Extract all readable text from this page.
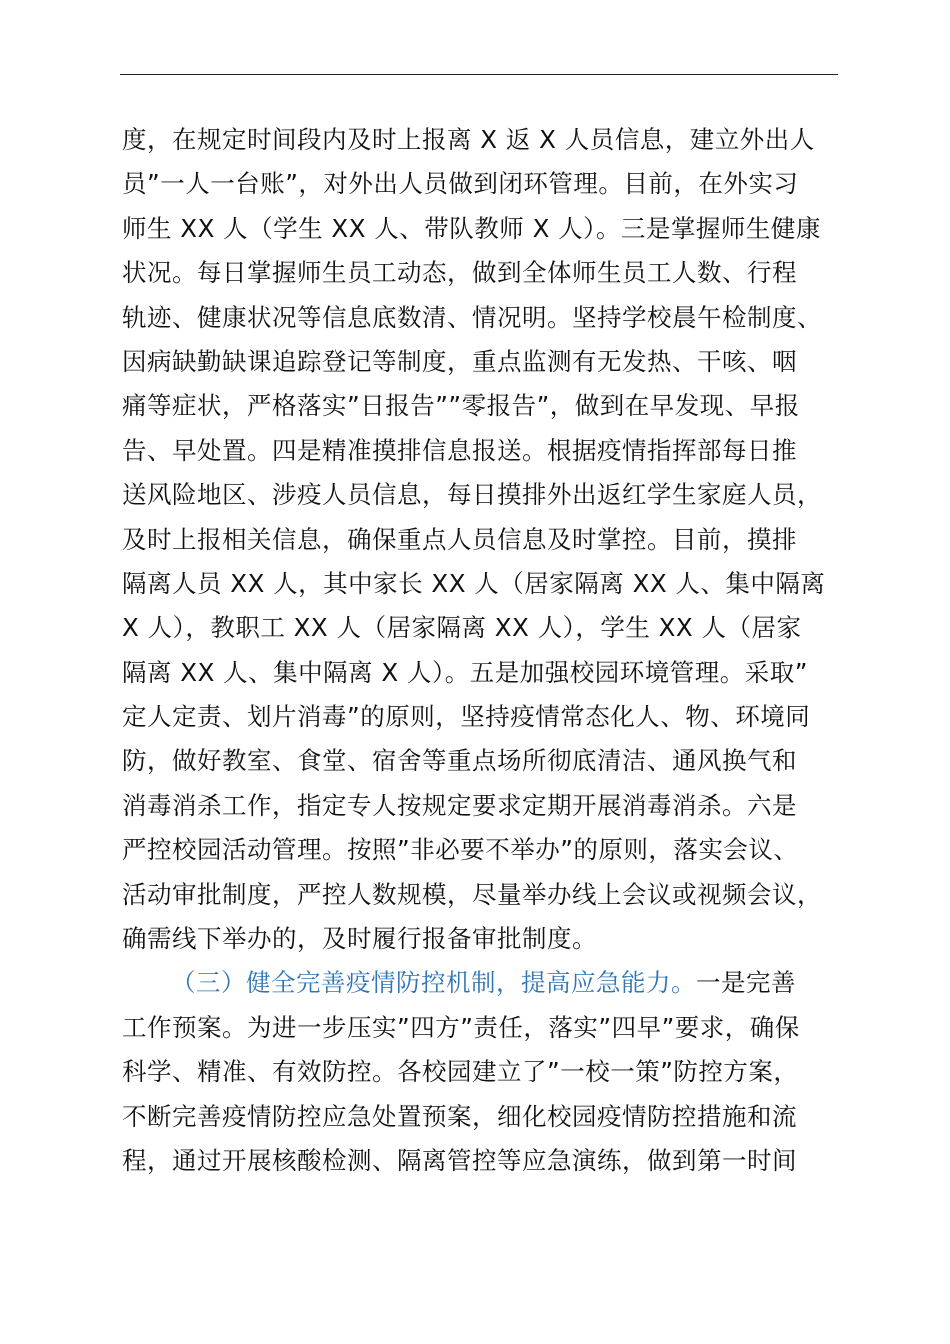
度，在规定时间段内及时上报离 X 返 X 人员信息，建立外出人
员”一人一台账”，对外出人员做到闭环管理。目前，在外实习
师生 XX 人（学生 XX 人、带队教师 X 人）。三是掌握师生健康
状况。每日掌握师生员工动态，做到全体师生员工人数、行程
轨迹、健康状况等信息底数清、情况明。坚持学校晨午检制度、
因病缺勤缺课追踪登记等制度，重点监测有无发热、干咳、咽
痛等症状，严格落实”日报告””零报告”，做到在早发现、早报
告、早处置。四是精准摸排信息报送。根据疫情指挥部每日推
送风险地区、涉疫人员信息，每日摸排外出返红学生家庭人员，
及时上报相关信息，确保重点人员信息及时掌控。目前，摸排
隔离人员 XX 人，其中家长 XX 人（居家隔离 XX 人、集中隔离
X 人），教职工 XX 人（居家隔离 XX 人），学生 XX 人（居家
隔离 XX 人、集中隔离 X 人）。五是加强校园环境管理。采取”
定人定责、划片消毒”的原则，坚持疫情常态化人、物、环境同
防，做好教室、食堂、宿舍等重点场所彻底清洁、通风换气和
消毒消杀工作，指定专人按规定要求定期开展消毒消杀。六是
严控校园活动管理。按照”非必要不举办”的原则，落实会议、
活动审批制度，严控人数规模，尽量举办线上会议或视频会议，
确需线下举办的，及时履行报备审批制度。
（三）健全完善疫情防控机制，提高应急能力。一是完善
工作预案。为进一步压实”四方”责任，落实”四早”要求，确保
科学、精准、有效防控。各校园建立了”一校一策”防控方案，
不断完善疫情防控应急处置预案，细化校园疫情防控措施和流
程，通过开展核酸检测、隔离管控等应急演练，做到第一时间
